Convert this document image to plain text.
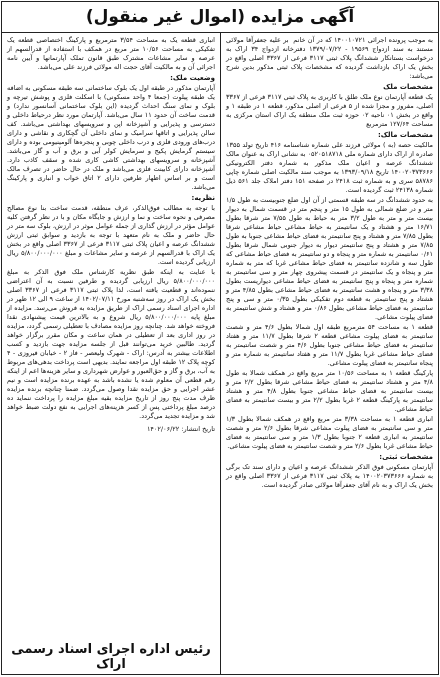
آگهی مزایده (اموال غیر منقول)

به موجب پرونده اجرائی ۱۴۰۰۱۰۷۲۱ که در آن خانم ‌ بر علیه جعفرآقا مولائی مستند به سند ازدواج ۱۹۵۶۹ - ۱۳۷۹/۰۷/۲۲ دفترخانه ازدواج ۳۴ اراک به درخواست بستانکار ششدانگ پلاک ثبتی ۳۱۱۷ فرعی از ۳۳۶۷ اصلی واقع در بخش یک اراک بازداشت گردیده که مشخصات پلاک ثبتی مذکور بدین شرح می‌باشد:

مشخصات ملک

یک قطعه آپارتمان نوع ملک طلق با کاربری به پلاک ثبتی ۳۱۱۷ فرعی از ۳۳۶۷ اصلی، مفروز و مجزا شده از ۵ فرعی از اصلی مذکور، قطعه ۱ در طبقه ۱ و واقع در بخش ۰۱ ناحیه ۰۲ حوزه ثبت ملک منطقه یک اراک استان مرکزی به مساحت ۱۲۷/۶۴ مترمربع

مشخصات مالک:

مالکیت حصه (به ) مولائی فرزند علی شماره شناسنامه ۴۱۶ تاریخ تولد ۱۳۵۵ صادره از اراک دارای شماره ملی ۰۵۲۰۵۱۸۷۱۸ به نشانی اراک به عنوان مالک ششدانگ عرصه و اعیان ملک مذکور به شماره دفتر الکترونیکی ۱۴۰۰۲۰۳۷۳۶۶۶ تاریخ ۱۳۹۳/۰۹/۱۸ به موجب سند مالکیت اصلی شماره چاپی ۵۸۷۸۶ سری و به شماره ثبت ۲۴۱۸ در صفحه ۱۵۱ دفتر املاک جلد ۵۶۱ ذیل شماره ۲۴۱۳۸ ثبت گردیده است.

به حدود ششدانگ در سه طبقه قسمتی از آن اول ضلع جنوبیست به طول ۱/۵ متر و در ضلع شمالی به طول ۱۵ متر و پنجم متر در قسمت شمال به دیوار بیست متر و متر به طول ۳/۲ متر به حیاط به طول ۷/۵۵ متر شرقا بطول ۱۶/۷۱ متر و هشتاد و یک سانتیمتر به حیاط مشاعی حیاط مشاعی شرقا بطول ۷/۸۵ متر و هشتاد و پنج سانتیمتر به فضای حیاط مشاعی جنوبا به طول ۷/۸۵ متر و هشتاد و پنج سانتیمتر دیوار به دیوار جنوبی شمال شرقا بطول ۰/۶۱ سانتیمتر به شماره متر و پنجاه و دو سانتیمتر به فضای حیاط مشاعی که طول سه و شانزده سانتیمتر به فضای حیاط مشاعی غربا که متر به شماره متر و پنجاه و یک سانتیمتر در قسمت پیشروی چهار متر و سی سانتیمتر به شماره متر و پنجاه و پنج سانتیمتر به فضای حیاط مشاعی دیواریست بطول ۳/۳۸ متر و پنجاه و هشت سانتیمتر به فضای حیاط مشاعی بطول ۴/۸۵ متر و هشتاد و پنج سانتیمتر به قطعه دوم تفکیکی بطول ۰/۳۵ متر و سی و پنج سانتیمتر به فضای حیاط مشاعی بطول ۰/۸۶ متر و هشتاد و شش سانتیمتر به فضای پیلوت مشاعی.

قطعه ۱ به مساحت ۵۴ مترمربع طبقه اول شمالا بطول ۴/۶ متر و شصت سانتیمتر به فضای پیلوت مشاعی قطعه ۲ شرقا بطول ۱۱/۷ متر و هفتاد سانتیمتر به فضای حیاط مشاعی جنوبا بطول ۴/۶ متر و شصت سانتیمتر به فضای حیاط مشاعی غربا بطول ۱۱/۷ متر و هفتاد سانتیمتر به شماره متر و پنجاه سانتیمتر به فضای پیلوت مشاعی.

پارکینگ قطعه ۱ به مساحت ۱۰/۵۶ متر مربع واقع در همکف شمالا به طول ۴/۸ متر و هشتاد سانتیمتر به فضای حیاط مشاعی شرقا بطول ۲/۲ متر و بیست سانتیمتر به فضای حیاط مشاعی جنوبا بطول ۴/۸ متر و هشتاد سانتیمتر به پارکینگ قطعه ۲ غربا بطول ۲/۲ متر و بیست سانتیمتر به فضای حیاط مشاعی.

انباری قطعه ۱ به مساحت ۳/۳۸ متر مربع واقع در همکف شمالا بطول ۱/۳ متر و سی سانتیمتر به فضای پیلوت مشاعی شرقا بطول ۲/۶ متر و شصت سانتیمتر به انباری قطعه ۲ جنوبا بطول ۱/۳ متر و سی سانتیمتر به فضای حیاط مشاعی غربا بطول ۲/۶ متر و شصت سانتیمتر به فضای پیلوت مشاعی.

مشخصات ثبتی:

آپارتمان مسکونی فوق الذکر ششدانگ عرصه و اعیان و دارای سند تک برگی به شماره ۱۴۰۰۲۰۳۷۳۶۶۶ به پلاک ثبتی ۳۱۱۷ فرعی از ۳۳۶۷ اصلی واقع در بخش یک اراک و به نام آقای جعفرآقا مولائی صادر گردیده است.

انباری قطعه یک به مساحت ۳/۵۴ مترمربع و پارکینگ اختصاصی قطعه یک تفکیکی به مساحت ۱۰/۵۶ متر مربع در همکف با استفاده از قدرالسهم از عرصه و سایر مشاعات مشترک طبق قانون تملک آپارتمانها و آیین نامه اجرائی آن و به مالکیت آقای حجت اله مولائی فرزند علی می‌باشد.

وضعیت ملک:

آپارتمان مذکور در طبقه اول یک بلوک ساختمانی سه طبقه مسکونی به اضافه یک طبقه پیلوت (جمعا ۴ واحد مسکونی) با اسکلت فلزی و پوشش تیرچه و بلوک و نمای سنگ احداث گردیده (این بلوک ساختمانی آسانسور ندارد) و قدمت ساخت آن حدود ۱۱ سال می‌باشد. آپارتمان مورد نظر درحیاط داخلی و دسترسی و پذیرایی و آشپزخانه اپن و سرویسهای بهداشتی می‌باشد. کف سالن پذیرایی و اتاقها سرامیک و نمای داخلی آن گچکاری و نقاشی و دارای درب‌های ورودی فلزی و درب داخلی چوبی و پنجره‌ها آلومینیومی بوده و دارای سیستم گرمایش پکیج و سرمایش کولر آبی و برق و آب و گاز می‌باشد. آشپزخانه و سرویسهای بهداشتی کاشی کاری شده و سقف کاذب دارد. آشپزخانه دارای کابینت فلزی می‌باشد و ملک در حال حاضر در تصرف مالک است و بر اساس اظهار طرفین دارای ۲ اتاق خواب و انباری و پارکینگ می‌باشد.

نظریه:

با توجه به مطالب فوق‌الذکر، عرف منطقه، قدمت ساخت بنا نوع مصالح مصرفی و نحوه ساخت و نما و ارزش و جایگاه مکان و با در نظر گرفتن کلیه عوامل مؤثر در ارزش گذاری از جمله عوامل موثر در ارزش، بلوک سه متر در حال حاضر و ملک به نام متعهد با توجه به بازدید و سوابق ثبتی ارزش ششدانگ عرصه و اعیان پلاک ثبتی ۳۱۱۷ فرعی از ۳۳۶۷ اصلی واقع در بخش یک اراک با قدرالسهم از عرصه و سایر مشاعات و مبلغ ۵/۸۰۰/۰۰۰/۰۰۰ ریال ارزیابی گردیده است.

با عنایت به اینکه طبق نظریه کارشناس ملک فوق الذکر به مبلغ ۵/۸۰۰/۰۰۰/۰۰۰ ریال ارزیابی گردیده و طرفین نسبت به آن اعتراضی ننموده‌اند و قطعیت یافته است، لذا پلاک ثبتی ۳۱۱۷ فرعی از ۳۳۶۷ اصلی بخش یک اراک در روز سه‌شنبه مورخ ۱۴۰۲/۰۷/۱۱ از ساعت ۹ الی ۱۲ ظهر در اداره اجرای اسناد رسمی اراک از طریق مزایده به فروش می‌رسد. مزایده از مبلغ پایه ۵/۸۰۰/۰۰۰/۰۰۰ ریال شروع و به بالاترین قیمت پیشنهادی نقدا فروخته خواهد شد. چنانچه روز مزایده مصادف با تعطیلی رسمی گردد، مزایده در روز اداری بعد از تعطیلی در همان ساعت و مکان مقرر برگزار خواهد گردید. طالبین خرید می‌توانند قبل از جلسه مزایده جهت بازدید و کسب اطلاعات بیشتر به آدرس: اراک - شهرک ولیعصر - فاز ۲ - خیابان فیروزی - ۴ کوچه پلاک ۱۲ طبقه اول مراجعه نمایند. بدیهی است پرداخت بدهی‌های مربوط به آب، برق و گاز و حق‌العبور و عوارض شهرداری و سایر هزینه‌ها اعم از اینکه رقم قطعی آن معلوم شده یا نشده باشد به عهده برنده مزایده است و نیم عشر اجرایی و حق مزایده نقدا وصول می‌گردد. ضمنا چنانچه برنده مزایده ظرف مدت پنج روز از تاریخ مزایده بقیه مبلغ مزایده را پرداخت ننماید ده درصد مبلغ پرداختی پس از کسر هزینه‌های اجرایی به نفع دولت ضبط خواهد شد و مزایده تجدید می‌گردد.

تاریخ انتشار: ۱۴۰۲/۰۶/۲۲
رئیس اداره اجرای اسناد رسمی اراک
